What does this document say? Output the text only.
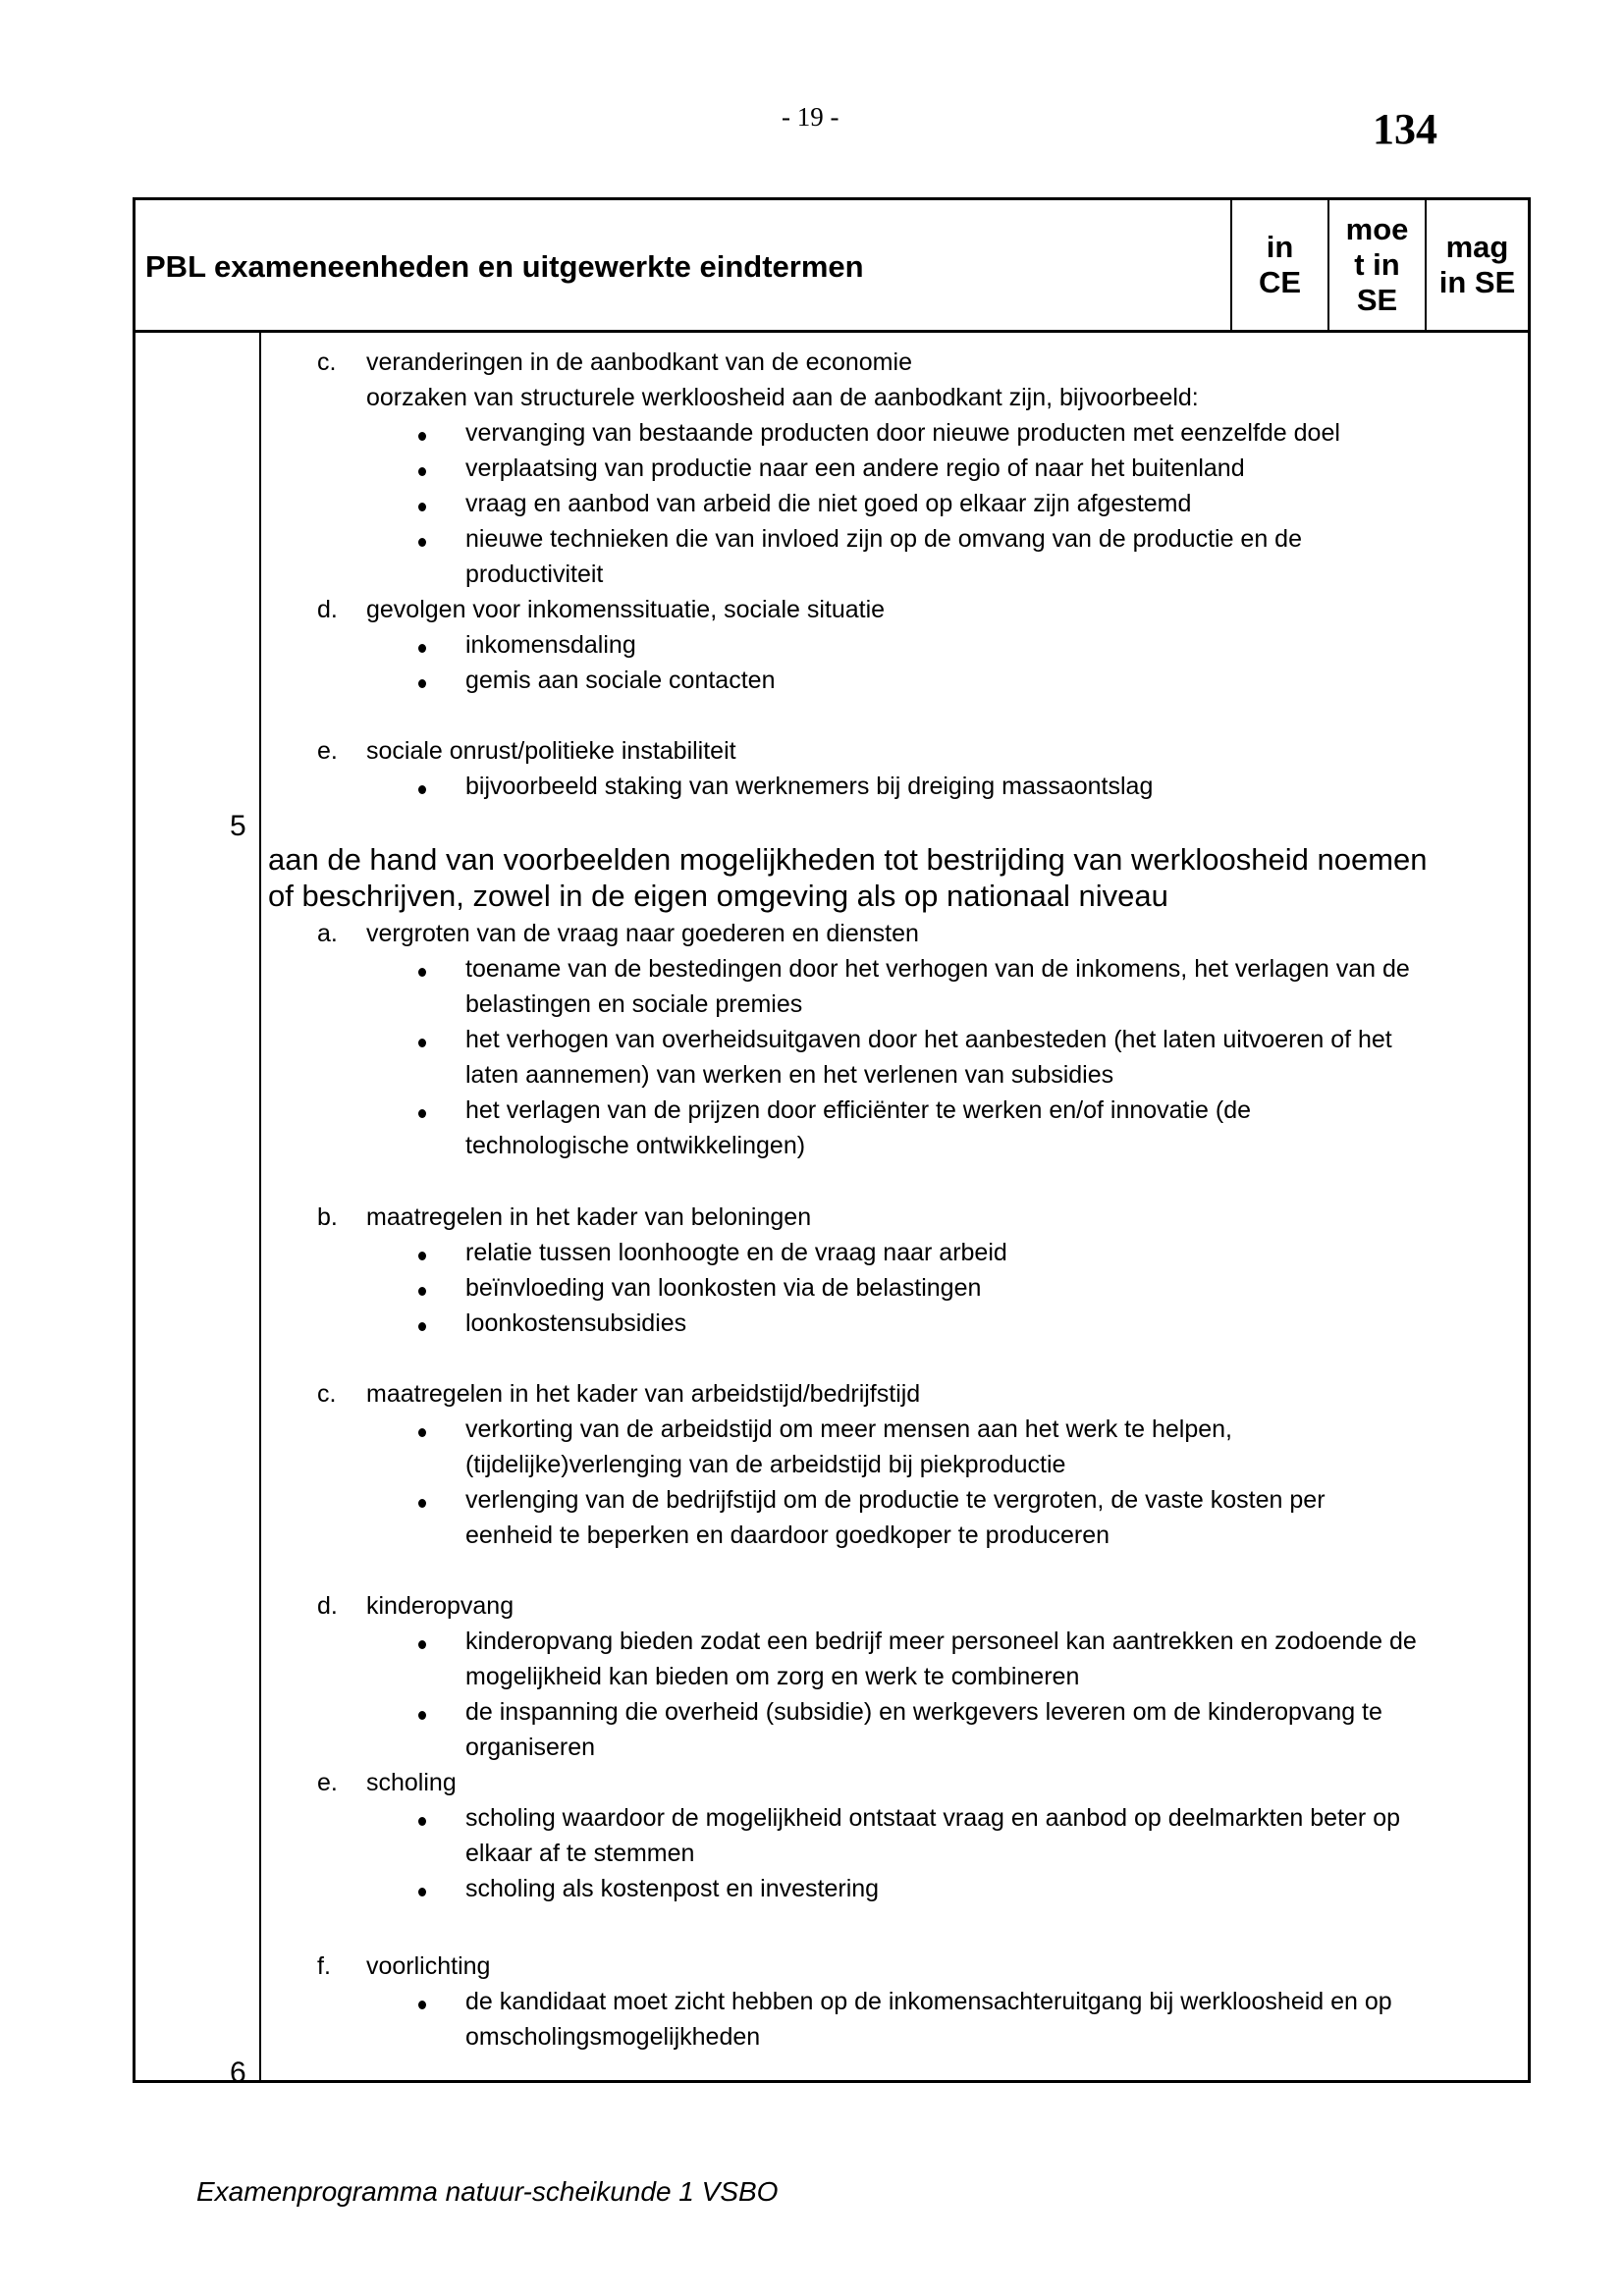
- 19 -	134
PBL exameneenheden en uitgewerkte eindtermen
in
CE
moe
t in
SE
mag
in SE
5
6
c. veranderingen in de aanbodkant van de economie
oorzaken van structurele werkloosheid aan de aanbodkant zijn, bijvoorbeeld:
vervanging van bestaande producten door nieuwe producten met eenzelfde doel
verplaatsing van productie naar een andere regio of naar het buitenland
vraag en aanbod van arbeid die niet goed op elkaar zijn afgestemd
nieuwe technieken die van invloed zijn op de omvang van de productie en de
productiviteit
d. gevolgen voor inkomenssituatie, sociale situatie
inkomensdaling
gemis aan sociale contacten
e. sociale onrust/politieke instabiliteit
bijvoorbeeld staking van werknemers bij dreiging massaontslag
aan de hand van voorbeelden mogelijkheden tot bestrijding van werkloosheid noemen
of beschrijven, zowel in de eigen omgeving als op nationaal niveau
a. vergroten van de vraag naar goederen en diensten
toename van de bestedingen door het verhogen van de inkomens, het verlagen van de
belastingen en sociale premies
het verhogen van overheidsuitgaven door het aanbesteden (het laten uitvoeren of het
laten aannemen) van werken en het verlenen van subsidies
het verlagen van de prijzen door efficiënter te werken en/of innovatie (de
technologische ontwikkelingen)
b. maatregelen in het kader van beloningen
relatie tussen loonhoogte en de vraag naar arbeid
beïnvloeding van loonkosten via de belastingen
loonkostensubsidies
c. maatregelen in het kader van arbeidstijd/bedrijfstijd
verkorting van de arbeidstijd om meer mensen aan het werk te helpen,
(tijdelijke)verlenging van de arbeidstijd bij piekproductie
verlenging van de bedrijfstijd om de productie te vergroten, de vaste kosten per
eenheid te beperken en daardoor goedkoper te produceren
d. kinderopvang
kinderopvang bieden zodat een bedrijf meer personeel kan aantrekken en zodoende de
mogelijkheid kan bieden om zorg en werk te combineren
de inspanning die overheid (subsidie) en werkgevers leveren om de kinderopvang te
organiseren
e. scholing
scholing waardoor de mogelijkheid ontstaat vraag en aanbod op deelmarkten beter op
elkaar af te stemmen
scholing als kostenpost en investering
f. voorlichting
de kandidaat moet zicht hebben op de inkomensachteruitgang bij werkloosheid en op
omscholingsmogelijkheden
Examenprogramma natuur-scheikunde 1 VSBO
